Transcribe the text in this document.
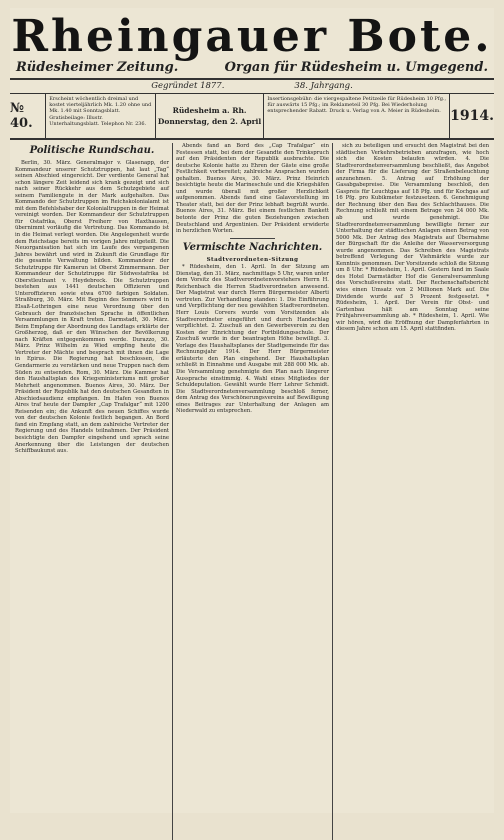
Rheingauer Bote.
Rüdesheimer Zeitung.	Organ für Rüdesheim u. Umgegend.
Gegründet 1877.	38. Jahrgang.
№ 40.
Erscheint wöchentlich dreimal und kostet vierteljährlich Mk. 1.20 ohne und Mk. 1.40 mit Sonntagsblatt. Gratisbeilage: Illustr. Unterhaltungsblatt. Telephon Nr. 236.
Rüdesheim a. Rh.
Donnerstag, den 2. April
Insertionsgebühr: die viergespaltene Petitzeile für Rüdesheim 10 Pfg., für auswärts 15 Pfg.; im Reklameteil 30 Pfg. Bei Wiederholung entsprechender Rabatt. Druck u. Verlag von A. Meier in Rüdesheim. 1914.
Politische Rundschau.

Berlin, 30. März. Generalmajor v. Glasenapp, der Kommandeur unserer Schutztruppen, hat laut „Tag“ seinen Abschied eingereicht. Der verdiente General hat schon längere Zeit leidend sich krank gezeigt und sich nach seiner Rückkehr aus dem Schutzgebiete auf seinem Familiengute in der Mark aufgehalten. Das Kommando der Schutztruppen im Reichskolonialamt ist mit dem Befehlshaber der Kolonialtruppen in der Heimat vereinigt worden. Der Kommandeur der Schutztruppen für Ostafrika, Oberst Freiherr von Haxthausen, übernimmt vorläufig die Vertretung. Das Kommando ist in die Heimat verlegt worden. Die Angelegenheit wurde dem Reichstage bereits im vorigen Jahre mitgeteilt. Die Neuorganisation hat sich im Laufe des vergangenen Jahres bewährt und wird in Zukunft die Grundlage für die gesamte Verwaltung bilden. Kommandeur der Schutztruppe für Kamerun ist Oberst Zimmermann. Der Kommandeur der Schutztruppe für Südwestafrika ist Oberstleutnant v. Heydebreck. Die Schutztruppen bestehen aus 1441 deutschen Offizieren und Unteroffizieren sowie etwa 6700 farbigen Soldaten. Straßburg, 30. März. Mit Beginn des Sommers wird in Elsaß-Lothringen eine neue Verordnung über den Gebrauch der französischen Sprache in öffentlichen Versammlungen in Kraft treten. Darmstadt, 30. März. Beim Empfang der Abordnung des Landtags erklärte der Großherzog, daß er den Wünschen der Bevölkerung nach Kräften entgegenkommen werde. Durazzo, 30. März. Prinz Wilhelm zu Wied empfing heute die Vertreter der Mächte und besprach mit ihnen die Lage in Epirus. Die Regierung hat beschlossen, die Gendarmerie zu verstärken und neue Truppen nach dem Süden zu entsenden. Rom, 30. März. Die Kammer hat den Haushaltsplan des Kriegsministeriums mit großer Mehrheit angenommen. Buenos Aires, 30. März. Der Präsident der Republik hat den deutschen Gesandten in Abschiedsaudienz empfangen. Im Hafen von Buenos Aires traf heute der Dampfer „Cap Trafalgar“ mit 1200 Reisenden ein; die Ankunft des neuen Schiffes wurde von der deutschen Kolonie festlich begangen. An Bord fand ein Empfang statt, an dem zahlreiche Vertreter der Regierung und des Handels teilnahmen. Der Präsident besichtigte den Dampfer eingehend und sprach seine Anerkennung über die Leistungen der deutschen Schiffbaukunst aus.

Abends fand an Bord des „Cap Trafalgar“ ein Festessen statt, bei dem der Gesandte den Trinkspruch auf den Präsidenten der Republik ausbrachte. Die deutsche Kolonie hatte zu Ehren der Gäste eine große Festlichkeit vorbereitet; zahlreiche Ansprachen wurden gehalten. Buenos Aires, 30. März. Prinz Heinrich besichtigte heute die Marineschule und die Kriegshäfen und wurde überall mit großer Herzlichkeit aufgenommen. Abends fand eine Galavorstellung im Theater statt, bei der der Prinz lebhaft begrüßt wurde. Buenos Aires, 31. März. Bei einem festlichen Bankett betonte der Prinz die guten Beziehungen zwischen Deutschland und Argentinien. Der Präsident erwiderte in herzlichen Worten.

Vermischte Nachrichten.
Stadtverordneten-Sitzung

* Rüdesheim, den 1. April. In der Sitzung am Dienstag, den 31. März, nachmittags 5 Uhr, waren unter dem Vorsitz des Stadtverordnetenvorstehers Herrn H. Reichenbach die Herren Stadtverordneten anwesend. Der Magistrat war durch Herrn Bürgermeister Alberti vertreten. Zur Verhandlung standen: 1. Die Einführung und Verpflichtung der neu gewählten Stadtverordneten. Herr Louis Corvers wurde vom Vorsitzenden als Stadtverordneter eingeführt und durch Handschlag verpflichtet. 2. Zuschuß an den Gewerbeverein zu den Kosten der Einrichtung der Fortbildungsschule. Der Zuschuß wurde in der beantragten Höhe bewilligt. 3. Vorlage des Haushaltsplanes der Stadtgemeinde für das Rechnungsjahr 1914. Der Herr Bürgermeister erläuterte den Plan eingehend. Der Haushaltsplan schließt in Einnahme und Ausgabe mit 288 000 Mk. ab. Die Versammlung genehmigte den Plan nach längerer Aussprache einstimmig. 4. Wahl eines Mitgliedes der Schuldeputation. Gewählt wurde Herr Lehrer Schmidt. Die Stadtverordnetenversammlung beschloß ferner, dem Antrag des Verschönerungsvereins auf Bewilligung eines Beitrages zur Unterhaltung der Anlagen am Niederwald zu entsprechen.

sich zu beteiligen und ersucht den Magistrat bei den städtischen Verkehrsbetrieben anzufragen, wie hoch sich die Kosten belaufen würden. 4. Die Stadtverordnetenversammlung beschließt, das Angebot der Firma für die Lieferung der Straßenbeleuchtung anzunehmen. 5. Antrag auf Erhöhung der Gasabgabepreise. Die Versammlung beschloß, den Gaspreis für Leuchtgas auf 18 Pfg. und für Kochgas auf 16 Pfg. pro Kubikmeter festzusetzen. 6. Genehmigung der Rechnung über den Bau des Schlachthauses. Die Rechnung schließt mit einem Betrage von 24 000 Mk. ab und wurde genehmigt. Die Stadtverordnetenversammlung bewilligte ferner zur Unterhaltung der städtischen Anlagen einen Betrag von 5000 Mk. Der Antrag des Magistrats auf Übernahme der Bürgschaft für die Anleihe der Wasserversorgung wurde angenommen. Das Schreiben des Magistrats betreffend Verlegung der Viehmärkte wurde zur Kenntnis genommen. Der Vorsitzende schloß die Sitzung um 8 Uhr. * Rüdesheim, 1. April. Gestern fand im Saale des Hotel Darmstädter Hof die Generalversammlung des Vorschußvereins statt. Der Rechenschaftsbericht wies einen Umsatz von 2 Millionen Mark auf. Die Dividende wurde auf 5 Prozent festgesetzt. * Rüdesheim, 1. April. Der Verein für Obst- und Gartenbau hält am Sonntag seine Frühjahrsversammlung ab. * Rüdesheim, 1. April. Wie wir hören, wird die Eröffnung der Dampferfahrten in diesem Jahre schon am 15. April stattfinden.
